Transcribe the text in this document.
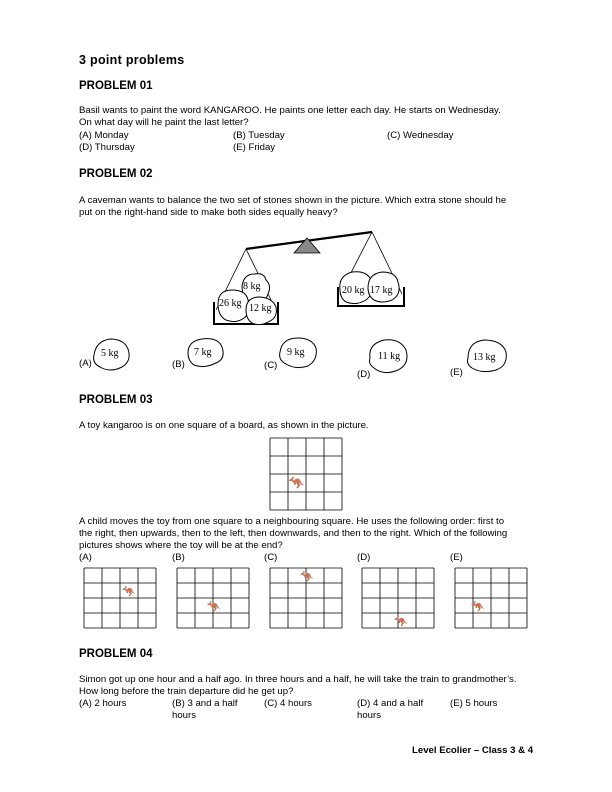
3 point problems
PROBLEM 01
Basil wants to paint the word KANGAROO. He paints one letter each day. He starts on Wednesday.
On what day will he paint the last letter?
(A) Monday	(B) Tuesday	(C) Wednesday
(D) Thursday	(E) Friday
PROBLEM 02
A caveman wants to balance the two set of stones shown in the picture. Which extra stone should he
put on the right-hand side to make both sides equally heavy?
🦘
🦘
🦘
🦘
🦘
🦘
8 kg
26 kg 12 kg
20 kg 17 kg
(A)
5 kg
(B)
7 kg
(C)
9 kg
(D)
11 kg
(E)
13 kg
PROBLEM 03
A toy kangaroo is on one square of a board, as shown in the picture.
A child moves the toy from one square to a neighbouring square. He uses the following order: first to
the right, then upwards, then to the left, then downwards, and then to the right. Which of the following
pictures shows where the toy will be at the end?
(A)	(B)	(C)	(D)	(E)
PROBLEM 04
Simon got up one hour and a half ago. In three hours and a half, he will take the train to grandmother’s.
How long before the train departure did he get up?
(A) 2 hours	(B) 3 and a half
hours
(C) 4 hours	(D) 4 and a half
hours
(E) 5 hours
Level Ecolier – Class 3 & 4
